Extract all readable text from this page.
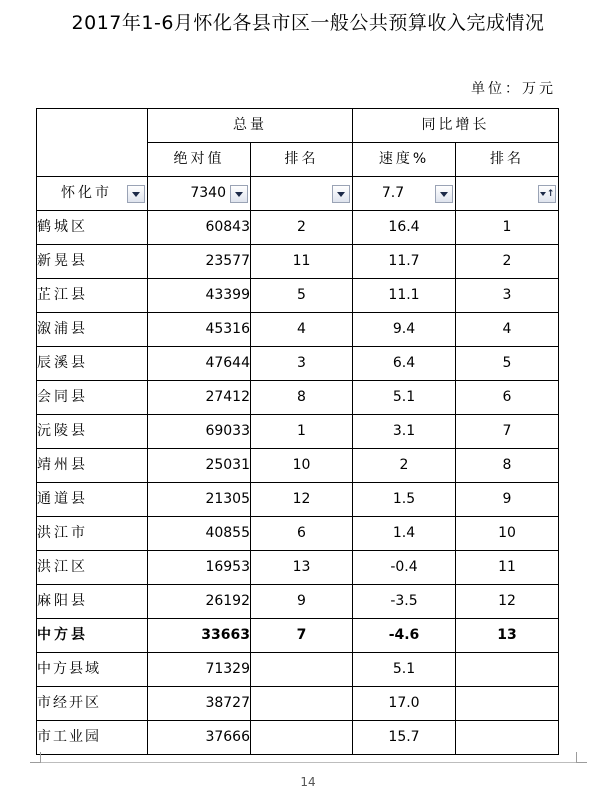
2017年1-6月怀化各县市区一般公共预算收入完成情况
单位：万元
	总量		同比增长	
	绝对值	排名	速度%	排名

怀化市	7340		7.7	↑

鹤城区	60843	2	16.4	1
新晃县	23577	11	11.7	2
芷江县	43399	5	11.1	3
溆浦县	45316	4	9.4	4
辰溪县	47644	3	6.4	5
会同县	27412	8	5.1	6
沅陵县	69033	1	3.1	7
靖州县	25031	10	2	8
通道县	21305	12	1.5	9
洪江市	40855	6	1.4	10
洪江区	16953	13	-0.4	11
麻阳县	26192	9	-3.5	12
中方县	33663	7	-4.6	13
中方县域	71329		5.1	
市经开区	38727		17.0	
市工业园	37666		15.7	
14
